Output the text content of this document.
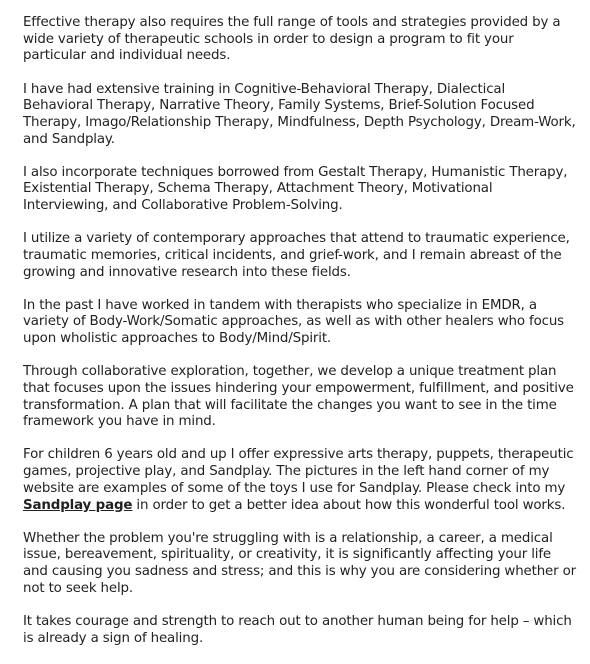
Effective therapy also requires the full range of tools and strategies provided by a wide variety of therapeutic schools in order to design a program to fit your particular and individual needs.

I have had extensive training in Cognitive-Behavioral Therapy, Dialectical Behavioral Therapy, Narrative Theory, Family Systems, Brief-Solution Focused Therapy, Imago/Relationship Therapy, Mindfulness, Depth Psychology, Dream-Work, and Sandplay.

I also incorporate techniques borrowed from Gestalt Therapy, Humanistic Therapy, Existential Therapy, Schema Therapy, Attachment Theory, Motivational Interviewing, and Collaborative Problem-Solving.

I utilize a variety of contemporary approaches that attend to traumatic experience, traumatic memories, critical incidents, and grief-work, and I remain abreast of the growing and innovative research into these fields.

In the past I have worked in tandem with therapists who specialize in EMDR, a variety of Body-Work/Somatic approaches, as well as with other healers who focus upon wholistic approaches to Body/Mind/Spirit.

Through collaborative exploration, together, we develop a unique treatment plan that focuses upon the issues hindering your empowerment, fulfillment, and positive transformation. A plan that will facilitate the changes you want to see in the time framework you have in mind.

For children 6 years old and up I offer expressive arts therapy, puppets, therapeutic games, projective play, and Sandplay. The pictures in the left hand corner of my website are examples of some of the toys I use for Sandplay. Please check into my Sandplay page in order to get a better idea about how this wonderful tool works.

Whether the problem you're struggling with is a relationship, a career, a medical issue, bereavement, spirituality, or creativity, it is significantly affecting your life and causing you sadness and stress; and this is why you are considering whether or not to seek help.

It takes courage and strength to reach out to another human being for help – which is already a sign of healing.
